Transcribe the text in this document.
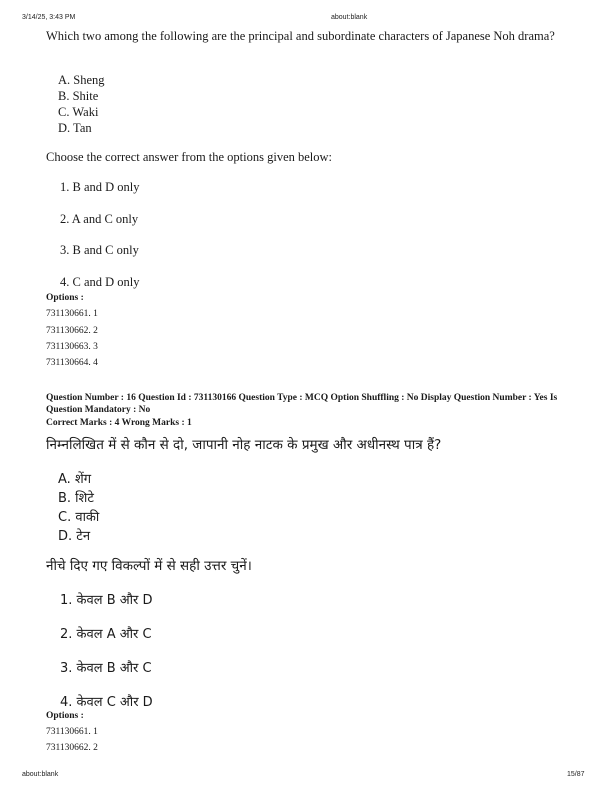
3/14/25, 3:43 PM	about:blank
Which two among the following are the principal and subordinate characters of Japanese Noh drama?
A. Sheng
B. Shite
C. Waki
D. Tan
Choose the correct answer from the options given below:
1. B and D only
2. A and C only
3. B and C only
4. C and D only
Options :
731130661. 1
731130662. 2
731130663. 3
731130664. 4
Question Number : 16 Question Id : 731130166 Question Type : MCQ Option Shuffling : No Display Question Number : Yes Is Question Mandatory : No
Correct Marks : 4 Wrong Marks : 1
निम्नलिखित में से कौन से दो, जापानी नोह नाटक के प्रमुख और अधीनस्थ पात्र हैं?
A. शेंग
B. शिटे
C. वाकी
D. टेन
नीचे दिए गए विकल्पों में से सही उत्तर चुनें।
1. केवल B और D
2. केवल A और C
3. केवल B और C
4. केवल C और D
Options :
731130661. 1
731130662. 2
about:blank	15/87
